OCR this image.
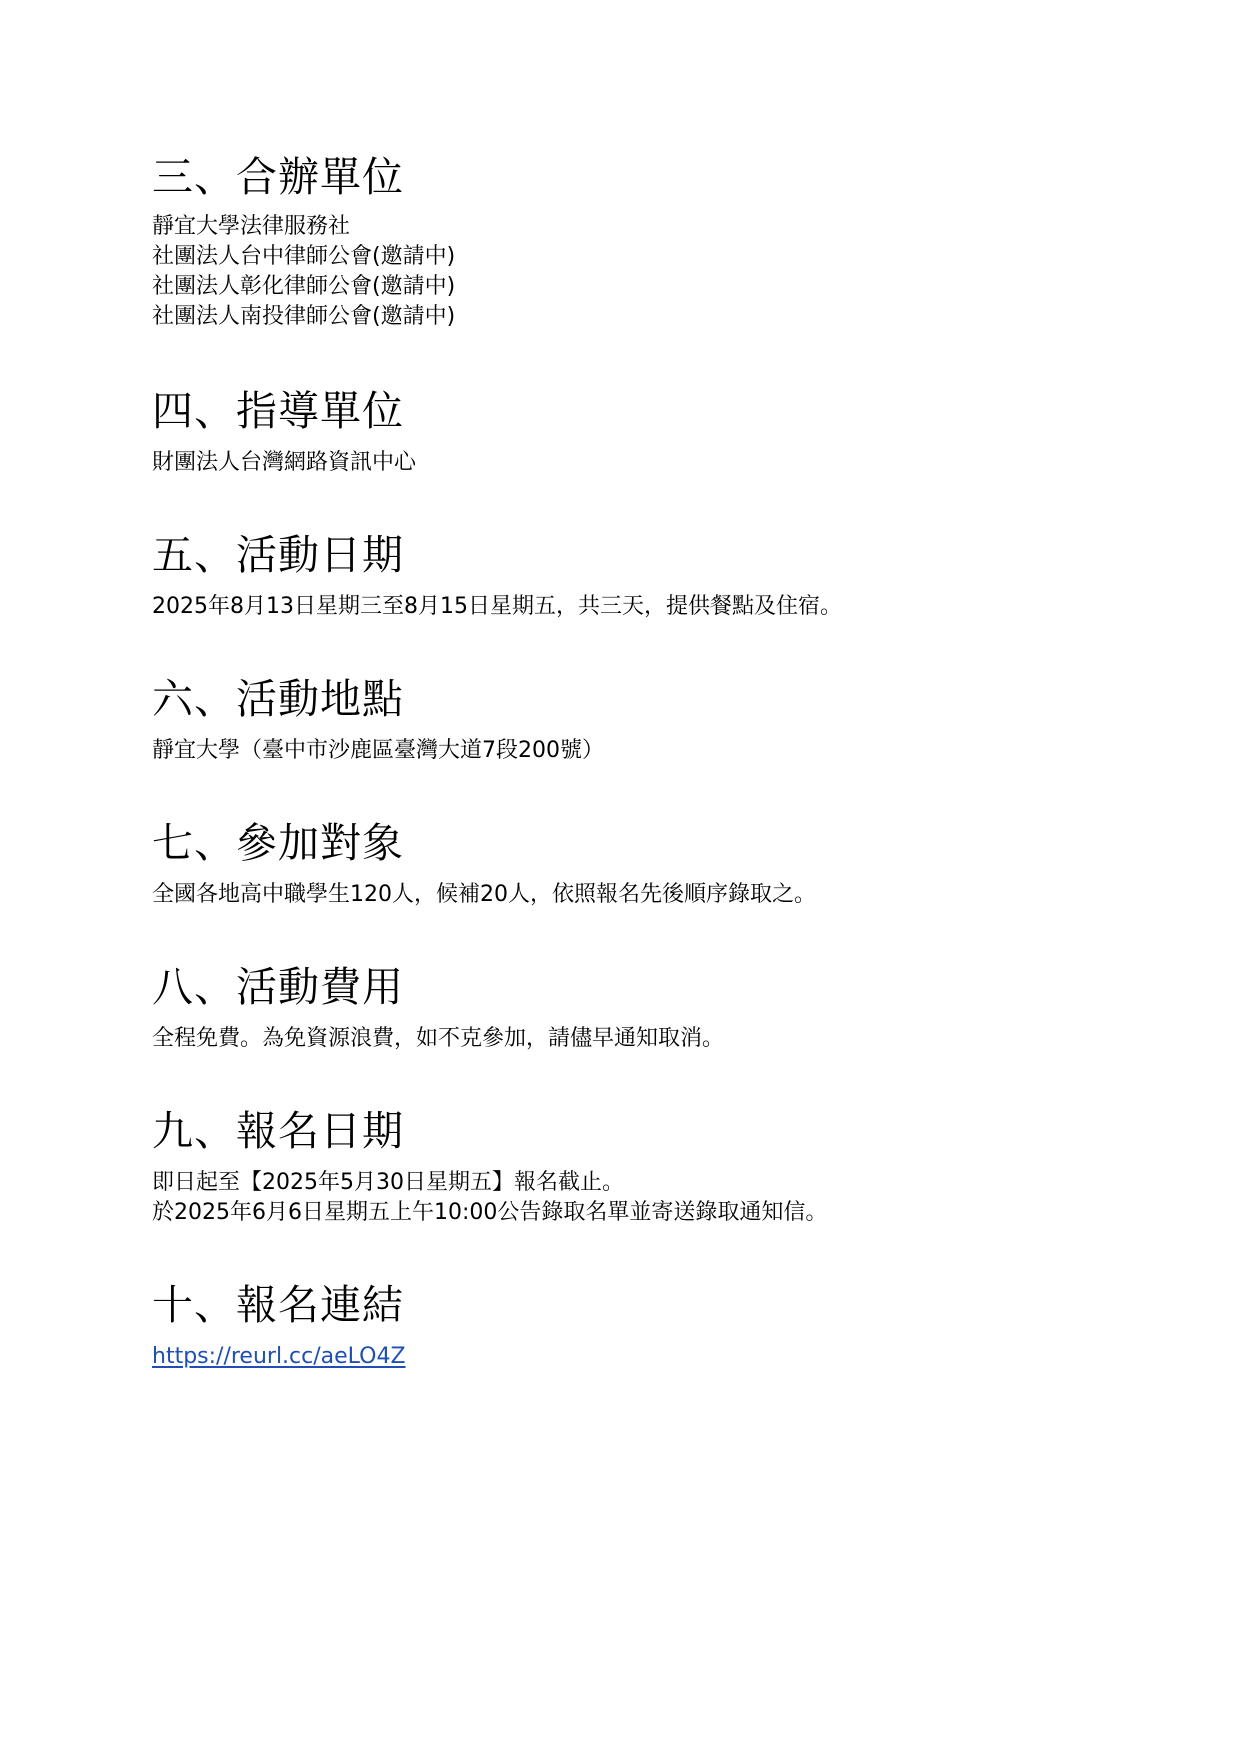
三、合辦單位
靜宜大學法律服務社
社團法人台中律師公會(邀請中)
社團法人彰化律師公會(邀請中)
社團法人南投律師公會(邀請中)
四、指導單位
財團法人台灣網路資訊中心
五、活動日期
2025年8月13日星期三至8月15日星期五，共三天，提供餐點及住宿。
六、活動地點
靜宜大學（臺中市沙鹿區臺灣大道7段200號）
七、參加對象
全國各地高中職學生120人，候補20人，依照報名先後順序錄取之。
八、活動費用
全程免費。為免資源浪費，如不克參加，請儘早通知取消。
九、報名日期
即日起至【2025年5月30日星期五】報名截止。
於2025年6月6日星期五上午10:00公告錄取名單並寄送錄取通知信。
十、報名連結
https://reurl.cc/aeLO4Z
